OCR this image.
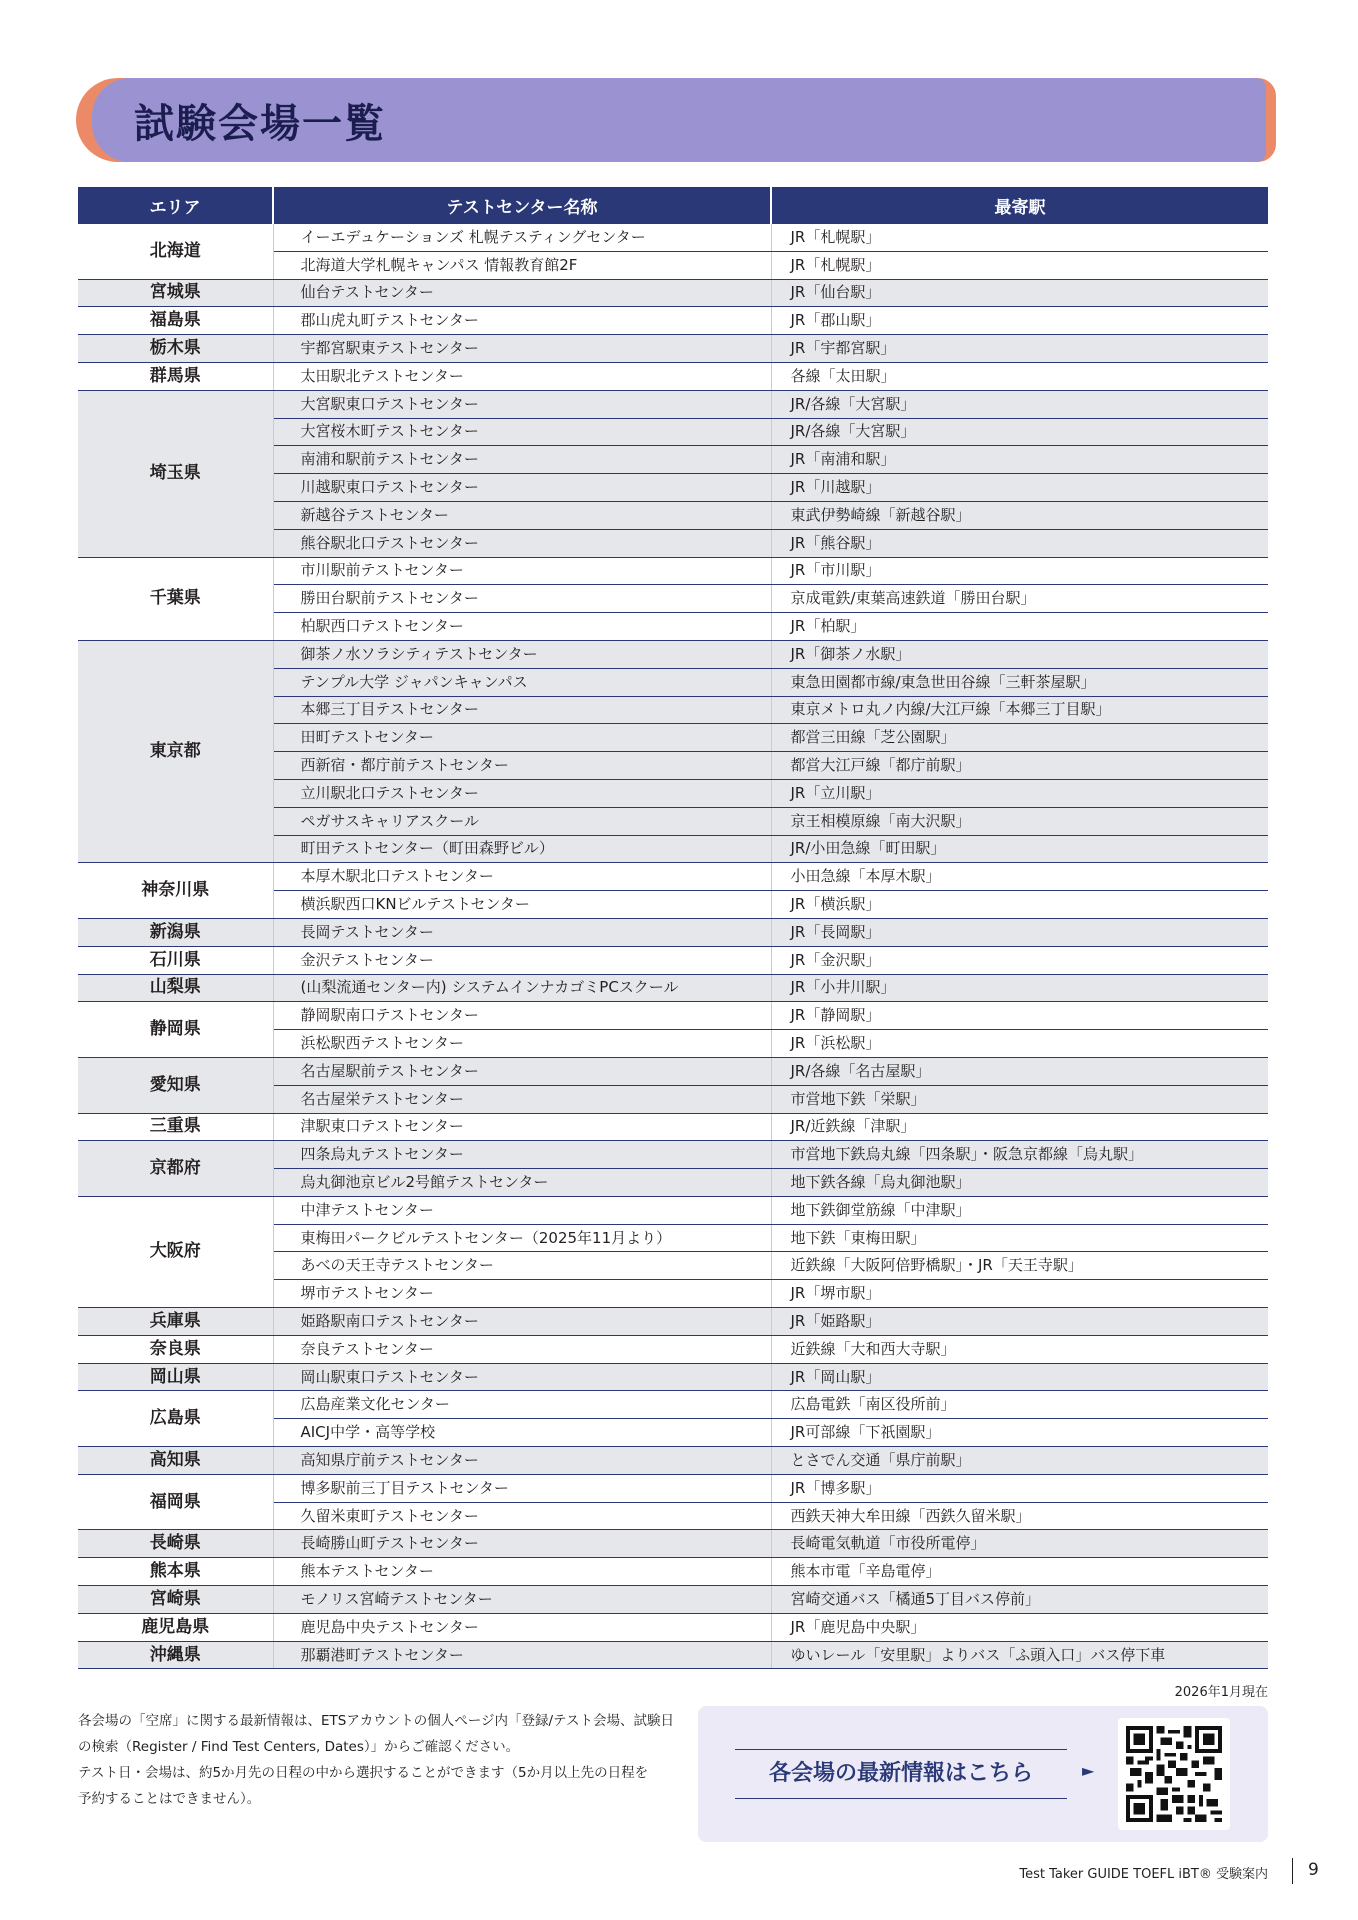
試験会場一覧
エリア	テストセンター名称	最寄駅
北海道	イーエデュケーションズ 札幌テスティングセンター	JR「札幌駅」
	北海道大学札幌キャンパス 情報教育館2F	JR「札幌駅」
宮城県	仙台テストセンター	JR「仙台駅」
福島県	郡山虎丸町テストセンター	JR「郡山駅」
栃木県	宇都宮駅東テストセンター	JR「宇都宮駅」
群馬県	太田駅北テストセンター	各線「太田駅」
埼玉県	大宮駅東口テストセンター	JR/各線「大宮駅」
	大宮桜木町テストセンター	JR/各線「大宮駅」
	南浦和駅前テストセンター	JR「南浦和駅」
	川越駅東口テストセンター	JR「川越駅」
	新越谷テストセンター	東武伊勢崎線「新越谷駅」
	熊谷駅北口テストセンター	JR「熊谷駅」
千葉県	市川駅前テストセンター	JR「市川駅」
	勝田台駅前テストセンター	京成電鉄/東葉高速鉄道「勝田台駅」
	柏駅西口テストセンター	JR「柏駅」
東京都	御茶ノ水ソラシティテストセンター	JR「御茶ノ水駅」
	テンプル大学 ジャパンキャンパス	東急田園都市線/東急世田谷線「三軒茶屋駅」
	本郷三丁目テストセンター	東京メトロ丸ノ内線/大江戸線「本郷三丁目駅」
	田町テストセンター	都営三田線「芝公園駅」
	西新宿・都庁前テストセンター	都営大江戸線「都庁前駅」
	立川駅北口テストセンター	JR「立川駅」
	ペガサスキャリアスクール	京王相模原線「南大沢駅」
	町田テストセンター（町田森野ビル）	JR/小田急線「町田駅」
神奈川県	本厚木駅北口テストセンター	小田急線「本厚木駅」
	横浜駅西口KNビルテストセンター	JR「横浜駅」
新潟県	長岡テストセンター	JR「長岡駅」
石川県	金沢テストセンター	JR「金沢駅」
山梨県	(山梨流通センター内) システムインナカゴミPCスクール	JR「小井川駅」
静岡県	静岡駅南口テストセンター	JR「静岡駅」
	浜松駅西テストセンター	JR「浜松駅」
愛知県	名古屋駅前テストセンター	JR/各線「名古屋駅」
	名古屋栄テストセンター	市営地下鉄「栄駅」
三重県	津駅東口テストセンター	JR/近鉄線「津駅」
京都府	四条烏丸テストセンター	市営地下鉄烏丸線「四条駅」・阪急京都線「烏丸駅」
	烏丸御池京ビル2号館テストセンター	地下鉄各線「烏丸御池駅」
大阪府	中津テストセンター	地下鉄御堂筋線「中津駅」
	東梅田パークビルテストセンター（2025年11月より）	地下鉄「東梅田駅」
	あべの天王寺テストセンター	近鉄線「大阪阿倍野橋駅」・JR「天王寺駅」
	堺市テストセンター	JR「堺市駅」
兵庫県	姫路駅南口テストセンター	JR「姫路駅」
奈良県	奈良テストセンター	近鉄線「大和西大寺駅」
岡山県	岡山駅東口テストセンター	JR「岡山駅」
広島県	広島産業文化センター	広島電鉄「南区役所前」
	AICJ中学・高等学校	JR可部線「下祇園駅」
高知県	高知県庁前テストセンター	とさでん交通「県庁前駅」
福岡県	博多駅前三丁目テストセンター	JR「博多駅」
	久留米東町テストセンター	西鉄天神大牟田線「西鉄久留米駅」
長崎県	長崎勝山町テストセンター	長崎電気軌道「市役所電停」
熊本県	熊本テストセンター	熊本市電「辛島電停」
宮崎県	モノリス宮崎テストセンター	宮崎交通バス「橘通5丁目バス停前」
鹿児島県	鹿児島中央テストセンター	JR「鹿児島中央駅」
沖縄県	那覇港町テストセンター	ゆいレール「安里駅」よりバス「ふ頭入口」バス停下車
2026年1月現在

各会場の「空席」に関する最新情報は、ETSアカウントの個人ページ内「登録/テスト会場、試験日

の検索（Register / Find Test Centers, Dates）」からご確認ください。

テスト日・会場は、約5か月先の日程の中から選択することができます（5か月以上先の日程を

予約することはできません）。

各会場の最新情報はこちら	►
Test Taker GUIDE TOEFL iBT® 受験案内 9
